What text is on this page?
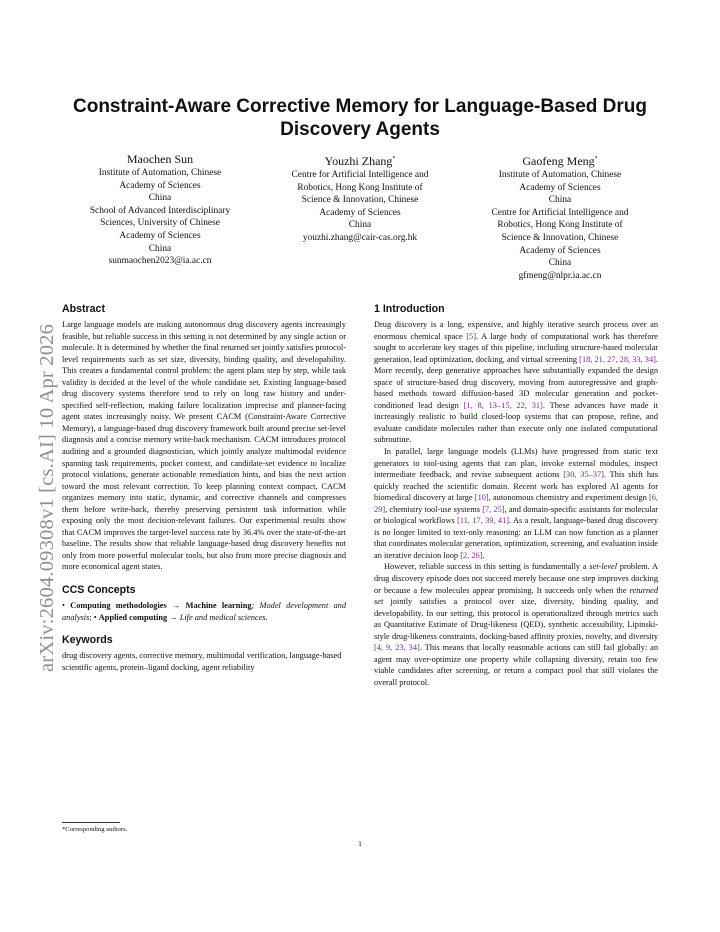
arXiv:2604.09308v1 [cs.AI] 10 Apr 2026
Constraint-Aware Corrective Memory for Language-Based Drug Discovery Agents
Maochen Sun
Institute of Automation, Chinese
Academy of Sciences
China
School of Advanced Interdisciplinary
Sciences, University of Chinese
Academy of Sciences
China
sunmaochen2023@ia.ac.cn
Youzhi Zhang*
Centre for Artificial Intelligence and
Robotics, Hong Kong Institute of
Science & Innovation, Chinese
Academy of Sciences
China
youzhi.zhang@cair-cas.org.hk
Gaofeng Meng*
Institute of Automation, Chinese
Academy of Sciences
China
Centre for Artificial Intelligence and
Robotics, Hong Kong Institute of
Science & Innovation, Chinese
Academy of Sciences
China
gfmeng@nlpr.ia.ac.cn
Abstract

Large language models are making autonomous drug discovery agents increasingly feasible, but reliable success in this setting is not determined by any single action or molecule. It is determined by whether the final returned set jointly satisfies protocol-level requirements such as set size, diversity, binding quality, and developability. This creates a fundamental control problem: the agent plans step by step, while task validity is decided at the level of the whole candidate set. Existing language-based drug discovery systems therefore tend to rely on long raw history and under-specified self-reflection, making failure localization imprecise and planner-facing agent states increasingly noisy. We present CACM (Constraint-Aware Corrective Memory), a language-based drug discovery framework built around precise set-level diagnosis and a concise memory write-back mechanism. CACM introduces protocol auditing and a grounded diagnostician, which jointly analyze multimodal evidence spanning task requirements, pocket context, and candidate-set evidence to localize protocol violations, generate actionable remediation hints, and bias the next action toward the most relevant correction. To keep planning context compact, CACM organizes memory into static, dynamic, and corrective channels and compresses them before write-back, thereby preserving persistent task information while exposing only the most decision-relevant failures. Our experimental results show that CACM improves the target-level success rate by 36.4% over the state-of-the-art baseline. The results show that reliable language-based drug discovery benefits not only from more powerful molecular tools, but also from more precise diagnosis and more economical agent states.

CCS Concepts

• Computing methodologies → Machine learning; Model development and analysis; • Applied computing → Life and medical sciences.

Keywords

drug discovery agents, corrective memory, multimodal verification, language-based scientific agents, protein–ligand docking, agent reliability

1 Introduction

Drug discovery is a long, expensive, and highly iterative search process over an enormous chemical space [5]. A large body of computational work has therefore sought to accelerate key stages of this pipeline, including structure-based molecular generation, lead optimization, docking, and virtual screening [18, 21, 27, 28, 33, 34]. More recently, deep generative approaches have substantially expanded the design space of structure-based drug discovery, moving from autoregressive and graph-based methods toward diffusion-based 3D molecular generation and pocket-conditioned lead design [1, 8, 13–15, 22, 31]. These advances have made it increasingly realistic to build closed-loop systems that can propose, refine, and evaluate candidate molecules rather than execute only one isolated computational subroutine.

In parallel, large language models (LLMs) have progressed from static text generators to tool-using agents that can plan, invoke external modules, inspect intermediate feedback, and revise subsequent actions [30, 35–37]. This shift has quickly reached the scientific domain. Recent work has explored AI agents for biomedical discovery at large [10], autonomous chemistry and experiment design [6, 29], chemistry tool-use systems [7, 25], and domain-specific assistants for molecular or biological workflows [11, 17, 39, 41]. As a result, language-based drug discovery is no longer limited to text-only reasoning: an LLM can now function as a planner that coordinates molecular generation, optimization, screening, and evaluation inside an iterative decision loop [2, 26].

However, reliable success in this setting is fundamentally a set-level problem. A drug discovery episode does not succeed merely because one step improves docking or because a few molecules appear promising. It succeeds only when the returned set jointly satisfies a protocol over size, diversity, binding quality, and developability. In our setting, this protocol is operationalized through metrics such as Quantitative Estimate of Drug-likeness (QED), synthetic accessibility, Lipinski-style drug-likeness constraints, docking-based affinity proxies, novelty, and diversity [4, 9, 23, 34]. This means that locally reasonable actions can still fail globally: an agent may over-optimize one property while collapsing diversity, retain too few viable candidates after screening, or return a compact pool that still violates the overall protocol.

*Corresponding authors.
1
